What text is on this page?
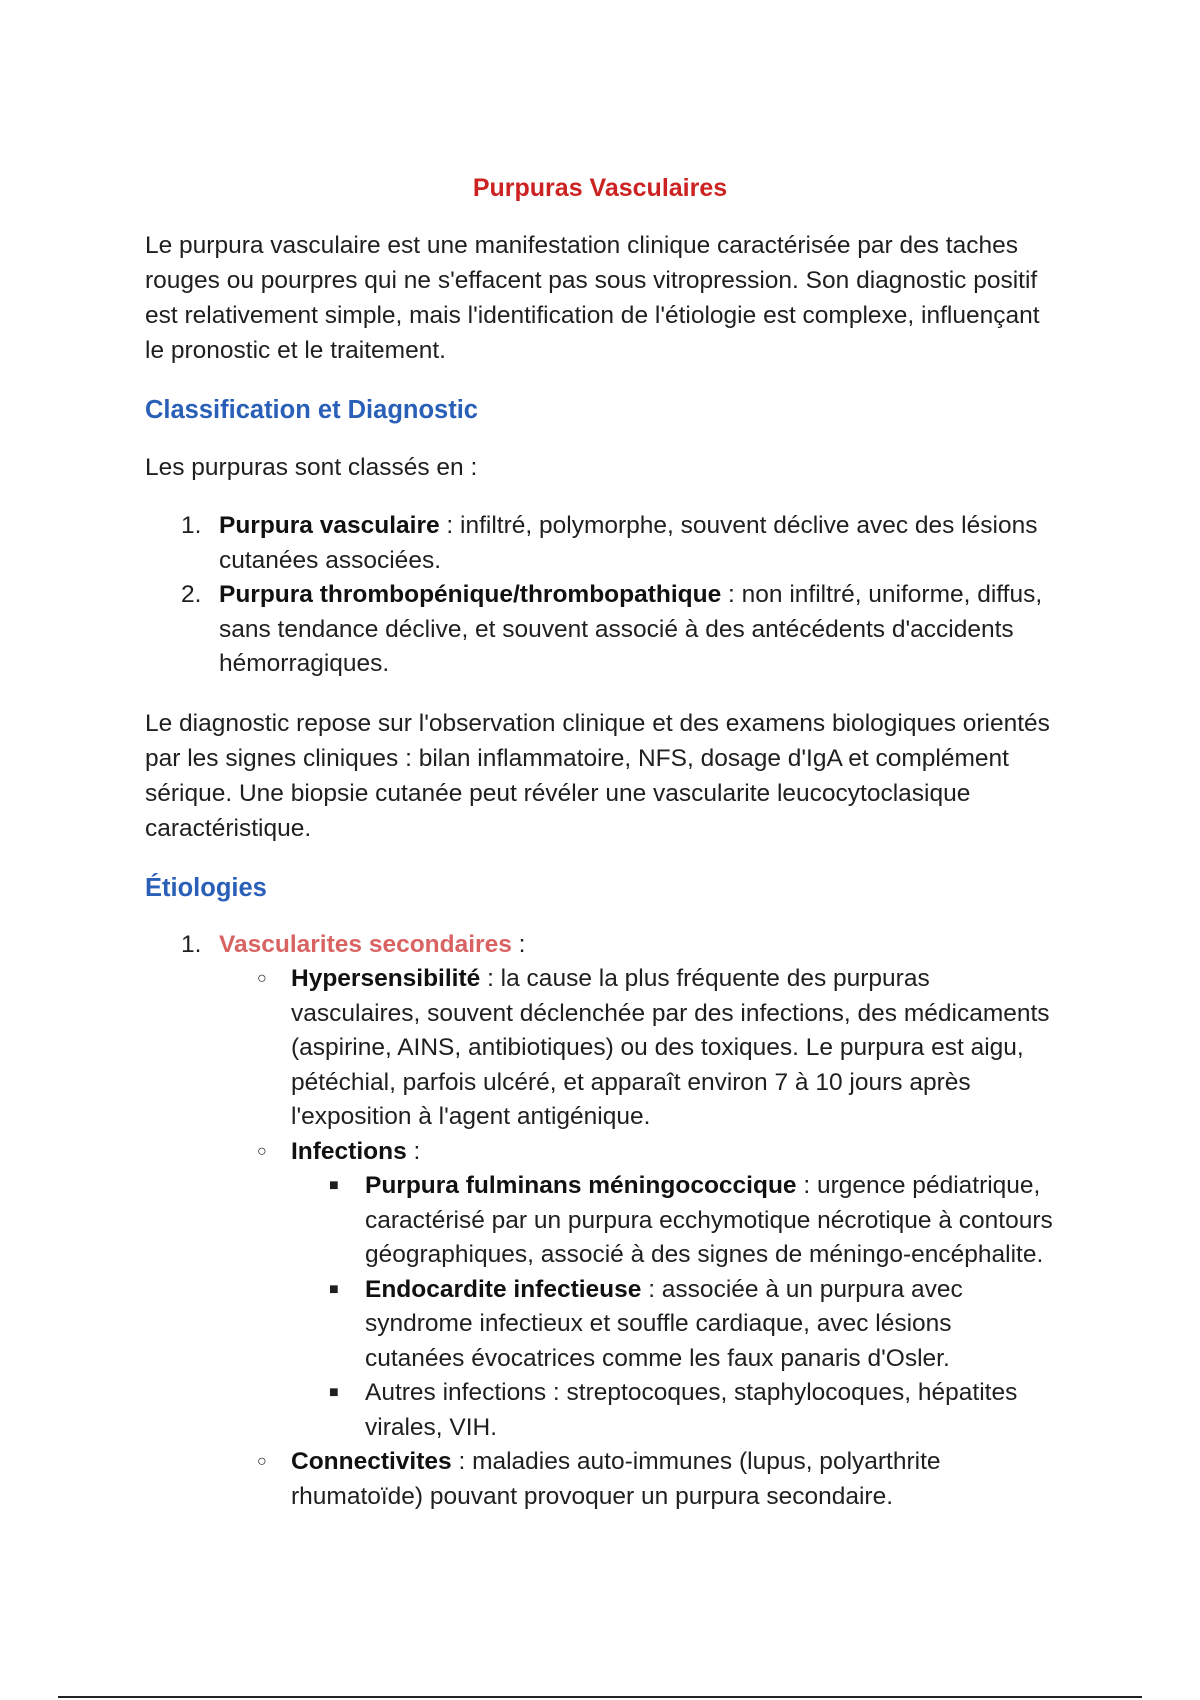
Purpuras Vasculaires

Le purpura vasculaire est une manifestation clinique caractérisée par des taches rouges ou pourpres qui ne s'effacent pas sous vitropression. Son diagnostic positif est relativement simple, mais l'identification de l'étiologie est complexe, influençant le pronostic et le traitement.

Classification et Diagnostic

Les purpuras sont classés en :

1. Purpura vasculaire : infiltré, polymorphe, souvent déclive avec des lésions cutanées associées.
2. Purpura thrombopénique/thrombopathique : non infiltré, uniforme, diffus, sans tendance déclive, et souvent associé à des antécédents d'accidents hémorragiques.

Le diagnostic repose sur l'observation clinique et des examens biologiques orientés par les signes cliniques : bilan inflammatoire, NFS, dosage d'IgA et complément sérique. Une biopsie cutanée peut révéler une vascularite leucocytoclasique caractéristique.

Étiologies
1. Vascularites secondaires :
○ Hypersensibilité : la cause la plus fréquente des purpuras vasculaires, souvent déclenchée par des infections, des médicaments (aspirine, AINS, antibiotiques) ou des toxiques. Le purpura est aigu, pétéchial, parfois ulcéré, et apparaît environ 7 à 10 jours après l'exposition à l'agent antigénique.
○ Infections :
■	Purpura fulminans méningococcique : urgence pédiatrique, caractérisé par un purpura ecchymotique nécrotique à contours géographiques, associé à des signes de méningo-encéphalite.
■	Endocardite infectieuse : associée à un purpura avec syndrome infectieux et souffle cardiaque, avec lésions cutanées évocatrices comme les faux panaris d'Osler.
■	Autres infections : streptocoques, staphylocoques, hépatites virales, VIH.
○ Connectivites : maladies auto-immunes (lupus, polyarthrite rhumatoïde) pouvant provoquer un purpura secondaire.
